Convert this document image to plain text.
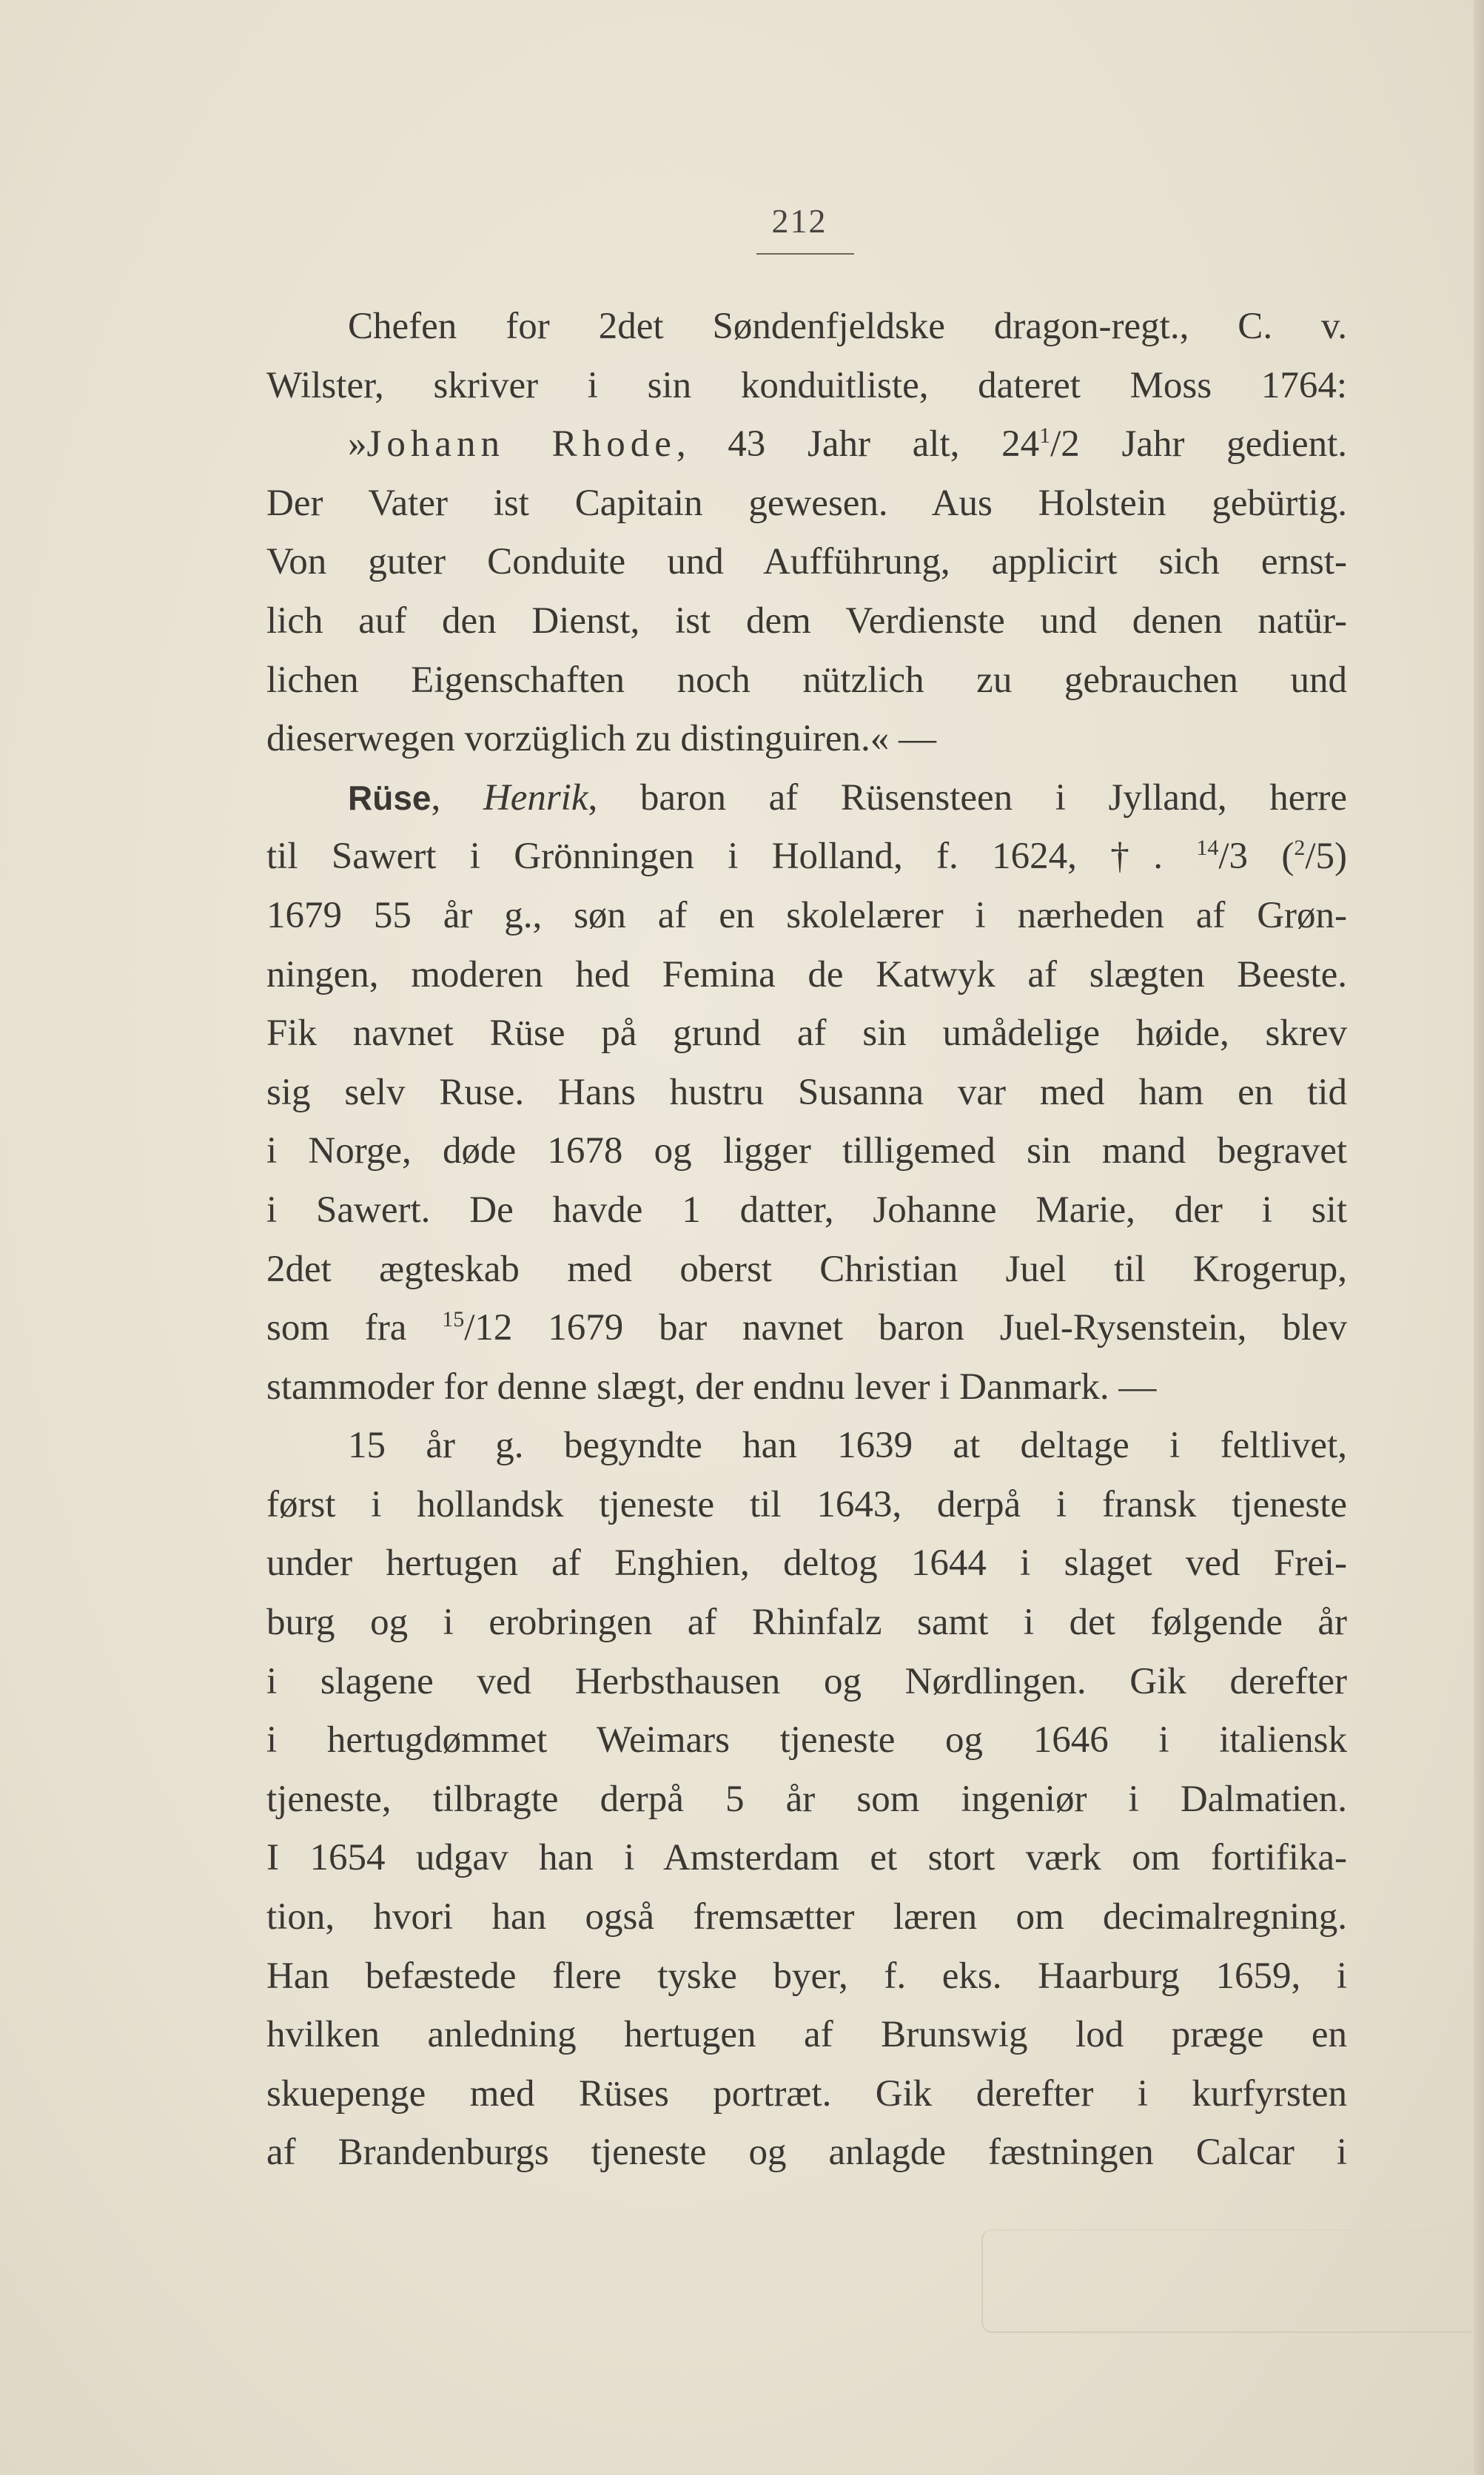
212
Chefen for 2det Søndenfjeldske dragon-regt., C. v.
Wilster, skriver i sin konduitliste, dateret Moss 1764:
»Johann Rhode, 43 Jahr alt, $24^1/2$ Jahr gedient.
Der Vater ist Capitain gewesen. Aus Holstein gebürtig.
Von guter Conduite und Aufführung, applicirt sich ernst-
lich auf den Dienst, ist dem Verdienste und denen natür-
lichen Eigenschaften noch nützlich zu gebrauchen und
dieserwegen vorzüglich zu distinguiren.« —
Rüse, Henrik, baron af Rüsensteen i Jylland, herre
til Sawert i Grönningen i Holland, f. 1624, †. $^{14}$/3 ($^2$/5)
1679 55 år g., søn af en skolelærer i nærheden af Grøn-
ningen, moderen hed Femina de Katwyk af slægten Beeste.
Fik navnet Rüse på grund af sin umådelige høide, skrev
sig selv Ruse. Hans hustru Susanna var med ham en tid
i Norge, døde 1678 og ligger tilligemed sin mand begravet
i Sawert. De havde 1 datter, Johanne Marie, der i sit
2det ægteskab med oberst Christian Juel til Krogerup,
som fra $^{15}$/12 1679 bar navnet baron Juel-Rysenstein, blev
stammoder for denne slægt, der endnu lever i Danmark. —
15 år g. begyndte han 1639 at deltage i feltlivet,
først i hollandsk tjeneste til 1643, derpå i fransk tjeneste
under hertugen af Enghien, deltog 1644 i slaget ved Frei-
burg og i erobringen af Rhinfalz samt i det følgende år
i slagene ved Herbsthausen og Nørdlingen. Gik derefter
i hertugdømmet Weimars tjeneste og 1646 i italiensk
tjeneste, tilbragte derpå 5 år som ingeniør i Dalmatien.
I 1654 udgav han i Amsterdam et stort værk om fortifika-
tion, hvori han også fremsætter læren om decimalregning.
Han befæstede flere tyske byer, f. eks. Haarburg 1659, i
hvilken anledning hertugen af Brunswig lod præge en
skuepenge med Rüses portræt. Gik derefter i kurfyrsten
af Brandenburgs tjeneste og anlagde fæstningen Calcar i
